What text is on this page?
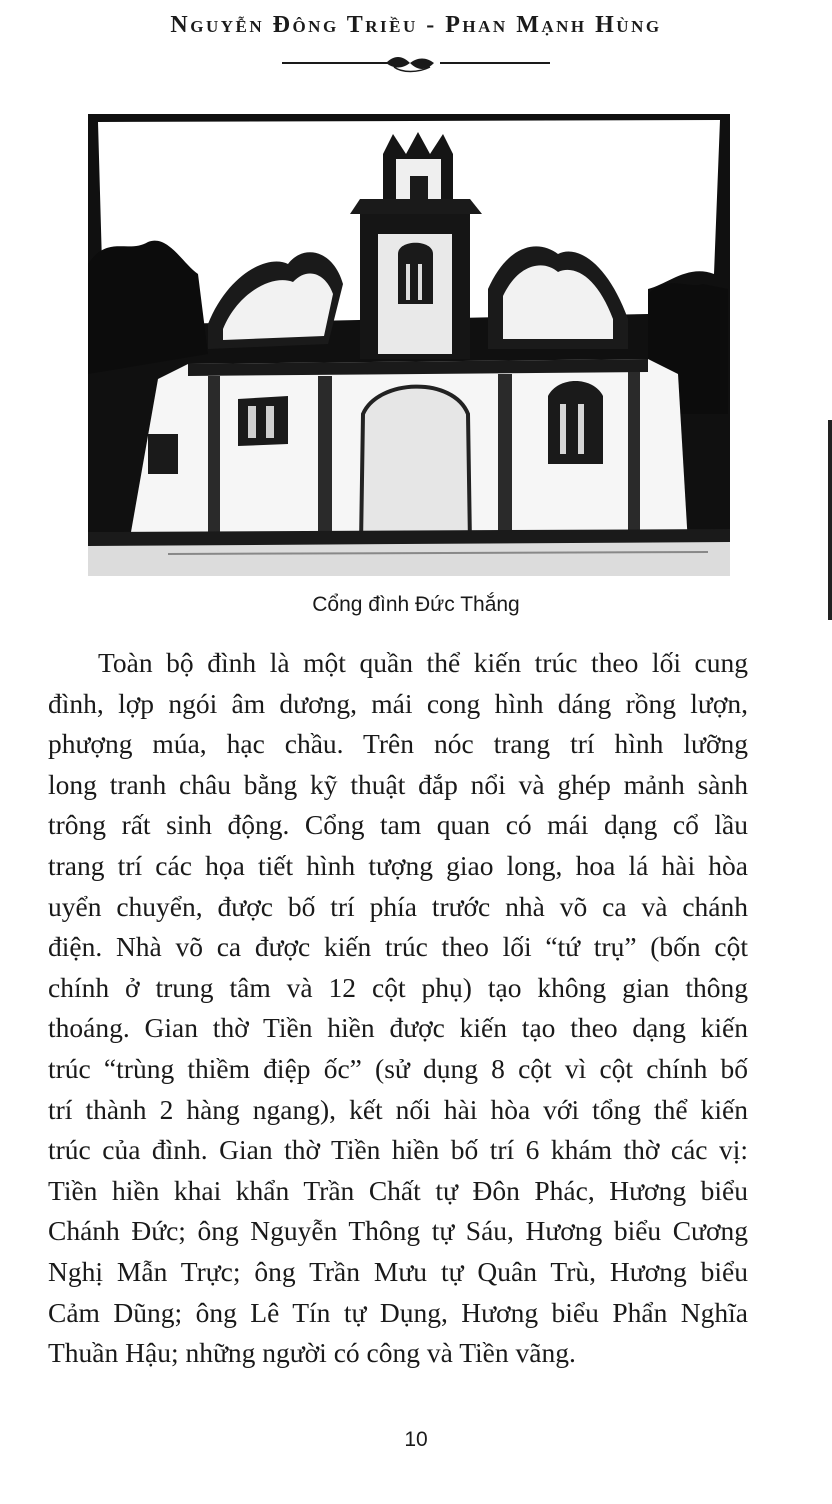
Nguyễn Đông Triều - Phan Mạnh Hùng
Cổng đình Đức Thắng
Toàn bộ đình là một quần thể kiến trúc theo lối cung
đình, lợp ngói âm dương, mái cong hình dáng rồng lượn,
phượng múa, hạc chầu. Trên nóc trang trí hình lưỡng
long tranh châu bằng kỹ thuật đắp nổi và ghép mảnh sành
trông rất sinh động. Cổng tam quan có mái dạng cổ lầu
trang trí các họa tiết hình tượng giao long, hoa lá hài hòa
uyển chuyển, được bố trí phía trước nhà võ ca và chánh
điện. Nhà võ ca được kiến trúc theo lối “tứ trụ” (bốn cột
chính ở trung tâm và 12 cột phụ) tạo không gian thông
thoáng. Gian thờ Tiền hiền được kiến tạo theo dạng kiến
trúc “trùng thiềm điệp ốc” (sử dụng 8 cột vì cột chính bố
trí thành 2 hàng ngang), kết nối hài hòa với tổng thể kiến
trúc của đình. Gian thờ Tiền hiền bố trí 6 khám thờ các vị:
Tiền hiền khai khẩn Trần Chất tự Đôn Phác, Hương biểu
Chánh Đức; ông Nguyễn Thông tự Sáu, Hương biểu Cương
Nghị Mẫn Trực; ông Trần Mưu tự Quân Trù, Hương biểu
Cảm Dũng; ông Lê Tín tự Dụng, Hương biểu Phẩn Nghĩa
Thuần Hậu; những người có công và Tiền vãng.
10
